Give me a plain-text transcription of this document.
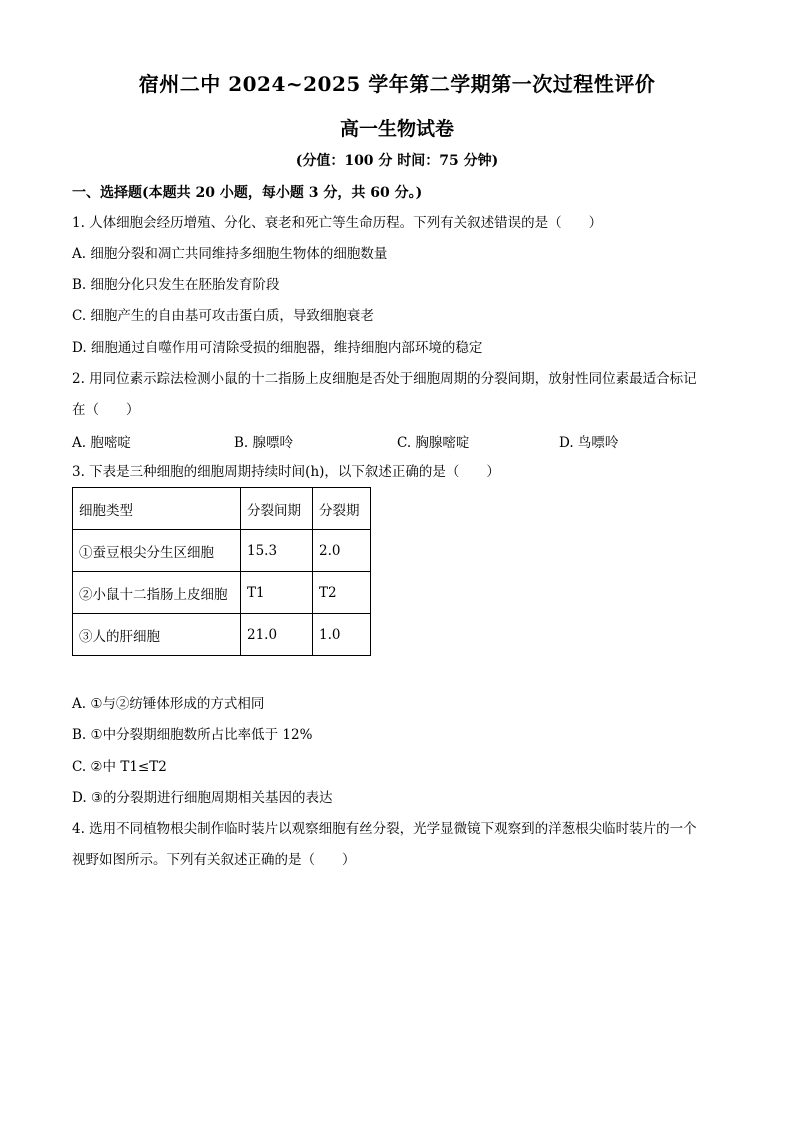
宿州二中 2024~2025 学年第二学期第一次过程性评价
高一生物试卷
(分值：100 分 时间：75 分钟)
一、选择题(本题共 20 小题，每小题 3 分，共 60 分。)
1. 人体细胞会经历增殖、分化、衰老和死亡等生命历程。下列有关叙述错误的是（　　）
A. 细胞分裂和凋亡共同维持多细胞生物体的细胞数量
B. 细胞分化只发生在胚胎发育阶段
C. 细胞产生的自由基可攻击蛋白质，导致细胞衰老
D. 细胞通过自噬作用可清除受损的细胞器，维持细胞内部环境的稳定
2. 用同位素示踪法检测小鼠的十二指肠上皮细胞是否处于细胞周期的分裂间期，放射性同位素最适合标记
在（　　）
A. 胞嘧啶	B. 腺嘌呤	C. 胸腺嘧啶	D. 鸟嘌呤
3. 下表是三种细胞的细胞周期持续时间(h)，以下叙述正确的是（　　）
细胞类型	分裂间期	分裂期
①蚕豆根尖分生区细胞	15.3	2.0
②小鼠十二指肠上皮细胞	T1	T2
③人的肝细胞	21.0	1.0
A. ①与②纺锤体形成的方式相同
B. ①中分裂期细胞数所占比率低于 12%
C. ②中 T1≤T2
D. ③的分裂期进行细胞周期相关基因的表达
4. 选用不同植物根尖制作临时装片以观察细胞有丝分裂，光学显微镜下观察到的洋葱根尖临时装片的一个
视野如图所示。下列有关叙述正确的是（　　）
